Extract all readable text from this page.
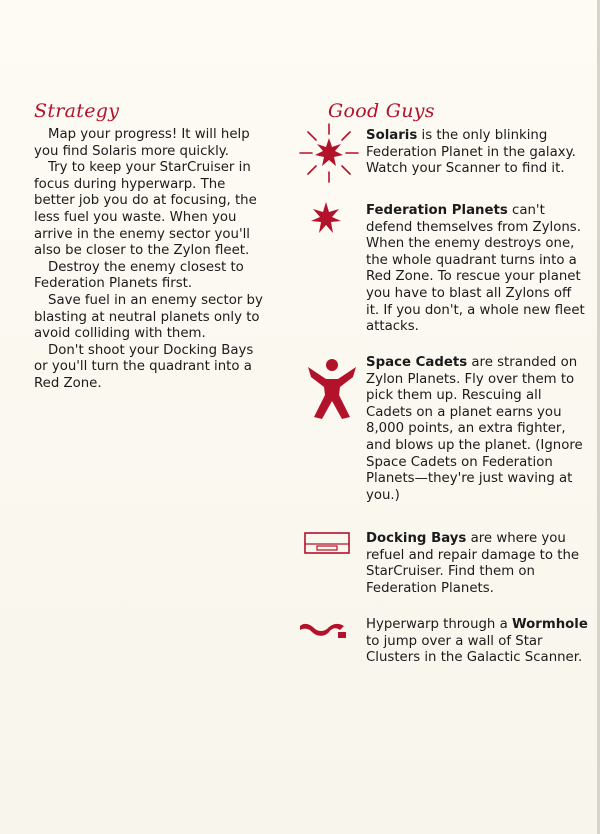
Strategy

Map your progress! It will help you find Solaris more quickly.

Try to keep your StarCruiser in focus during hyperwarp. The better job you do at focusing, the less fuel you waste. When you arrive in the enemy sector you'll also be closer to the Zylon fleet.

Destroy the enemy closest to Federation Planets first.

Save fuel in an enemy sector by blasting at neutral planets only to avoid colliding with them.

Don't shoot your Docking Bays or you'll turn the quadrant into a Red Zone.

Good Guys
Solaris is the only blinking Federation Planet in the galaxy. Watch your Scanner to find it.
Federation Planets can't defend themselves from Zylons. When the enemy destroys one, the whole quadrant turns into a Red Zone. To rescue your planet you have to blast all Zylons off it. If you don't, a whole new fleet attacks.
Space Cadets are stranded on Zylon Planets. Fly over them to pick them up. Rescuing all Cadets on a planet earns you 8,000 points, an extra fighter, and blows up the planet. (Ignore Space Cadets on Federation Planets—they're just waving at you.)
Docking Bays are where you refuel and repair damage to the StarCruiser. Find them on Federation Planets.
Hyperwarp through a Wormhole to jump over a wall of Star Clusters in the Galactic Scanner.
